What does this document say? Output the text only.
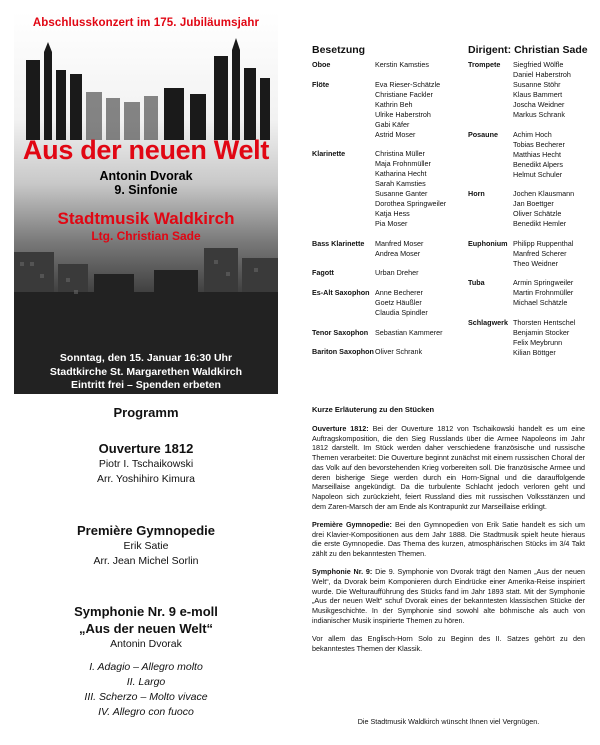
Abschlusskonzert im 175. Jubiläumsjahr
Aus der neuen Welt
Antonin Dvorak
9. Sinfonie
Stadtmusik Waldkirch
Ltg. Christian Sade
Sonntag, den 15. Januar 16:30 Uhr
Stadtkirche St. Margarethen Waldkirch
Eintritt frei – Spenden erbeten
Besetzung	Dirigent: Christian Sade
Oboe	Kerstin Kamsties
Flöte	Eva Rieser-Schätzle
Christiane Fackler
Kathrin Beh
Ulrike Haberstroh
Gabi Käfer
Astrid Moser
Klarinette	Christina Müller
Maja Frohnmüller
Katharina Hecht
Sarah Kamsties
Susanne Ganter
Dorothea Springweiler
Katja Hess
Pia Moser
Bass Klarinette	Manfred Moser
Andrea Moser
Fagott	Urban Dreher
Es-Alt Saxophon Anne Becherer
Goetz Häußler
Claudia Spindler
Tenor Saxophon Sebastian Kammerer
Bariton Saxophon Oliver Schrank
Trompete	Siegfried Wölfle
Daniel Haberstroh
Susanne Stöhr
Klaus Bammert
Joscha Weidner
Markus Schrank
Posaune	Achim Hoch
Tobias Becherer
Matthias Hecht
Benedikt Alpers
Helmut Schuler
Horn	Jochen Klausmann
Jan Boettger
Oliver Schätzle
Benedikt Hemler
Euphonium Philipp Ruppenthal
Manfred Scherer
Theo Weidner
Tuba	Armin Springweiler
Martin Frohnmüller
Michael Schätzle
Schlagwerk Thorsten Hentschel
Benjamin Stocker
Felix Meybrunn
Kilian Böttger
Programm
Ouverture 1812
Piotr I. Tschaikowski
Arr. Yoshihiro Kimura
Première Gymnopedie
Erik Satie
Arr. Jean Michel Sorlin
Symphonie Nr. 9 e-moll
„Aus der neuen Welt“
Antonin Dvorak
I. Adagio – Allegro molto
II. Largo
III. Scherzo – Molto vivace
IV. Allegro con fuoco
Kurze Erläuterung zu den Stücken

Ouverture 1812: Bei der Ouverture 1812 von Tschaikowski handelt es um eine Auftragskomposition, die den Sieg Russlands über die Armee Napoleons im Jahr 1812 darstellt. Im Stück werden daher verschiedene französische und russische Themen verarbeitet: Die Ouverture beginnt zunächst mit einem russischen Choral der das Volk auf den bevorstehenden Krieg vorbereiten soll. Die französische Armee und deren bisherige Siege werden durch ein Horn-Signal und die darauffolgende Marseillaise angekündigt. Da die turbulente Schlacht jedoch verloren geht und Napoleon sich zurückzieht, feiert Russland dies mit russischen Volksstänzen und dem Zaren-Marsch der am Ende als Kontrapunkt zur Marseillaise erklingt.

Première Gymnopedie: Bei den Gymnopedien von Erik Satie handelt es sich um drei Klavier-Kompositionen aus dem Jahr 1888. Die Stadtmusik spielt heute hieraus die erste Gymnopedie. Das Thema des kurzen, atmosphärischen Stücks im 3/4 Takt zählt zu den bekanntesten Themen.

Symphonie Nr. 9: Die 9. Symphonie von Dvorak trägt den Namen „Aus der neuen Welt“, da Dvorak beim Komponieren durch Eindrücke einer Amerika-Reise inspiriert wurde. Die Welturaufführung des Stücks fand im Jahr 1893 statt. Mit der Symphonie „Aus der neuen Welt“ schuf Dvorak eines der bekanntesten klassischen Stücke der Musikgeschichte. In der Symphonie sind sowohl alte böhmische als auch von indianischer Musik inspirierte Themen zu hören.

Vor allem das Englisch-Horn Solo zu Beginn des II. Satzes gehört zu den bekanntestes Themen der Klassik.

Die Stadtmusik Waldkirch wünscht Ihnen viel Vergnügen.
